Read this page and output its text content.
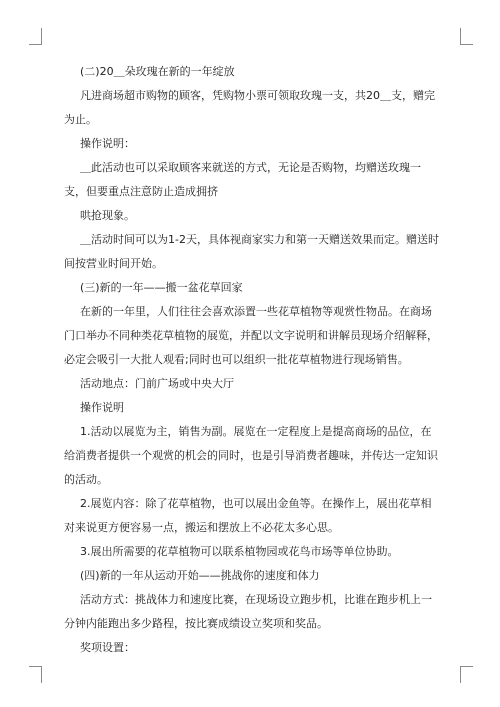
(二)20＿朵玫瑰在新的一年绽放

凡进商场超市购物的顾客，凭购物小票可领取玫瑰一支，共20＿支，赠完为止。

操作说明：

＿此活动也可以采取顾客来就送的方式，无论是否购物，均赠送玫瑰一支，但要重点注意防止造成拥挤

哄抢现象。

＿活动时间可以为1-2天，具体视商家实力和第一天赠送效果而定。赠送时间按营业时间开始。

(三)新的一年——搬一盆花草回家

在新的一年里，人们往往会喜欢添置一些花草植物等观赏性物品。在商场门口举办不同种类花草植物的展览，并配以文字说明和讲解员现场介绍解释，必定会吸引一大批人观看;同时也可以组织一批花草植物进行现场销售。

活动地点：门前广场或中央大厅

操作说明

1.活动以展览为主，销售为副。展览在一定程度上是提高商场的品位，在给消费者提供一个观赏的机会的同时，也是引导消费者趣味，并传达一定知识的活动。

2.展览内容：除了花草植物，也可以展出金鱼等。在操作上，展出花草相对来说更方便容易一点，搬运和摆放上不必花太多心思。

3.展出所需要的花草植物可以联系植物园或花鸟市场等单位协助。

(四)新的一年从运动开始——挑战你的速度和体力

活动方式：挑战体力和速度比赛，在现场设立跑步机，比谁在跑步机上一分钟内能跑出多少路程，按比赛成绩设立奖项和奖品。

奖项设置：
